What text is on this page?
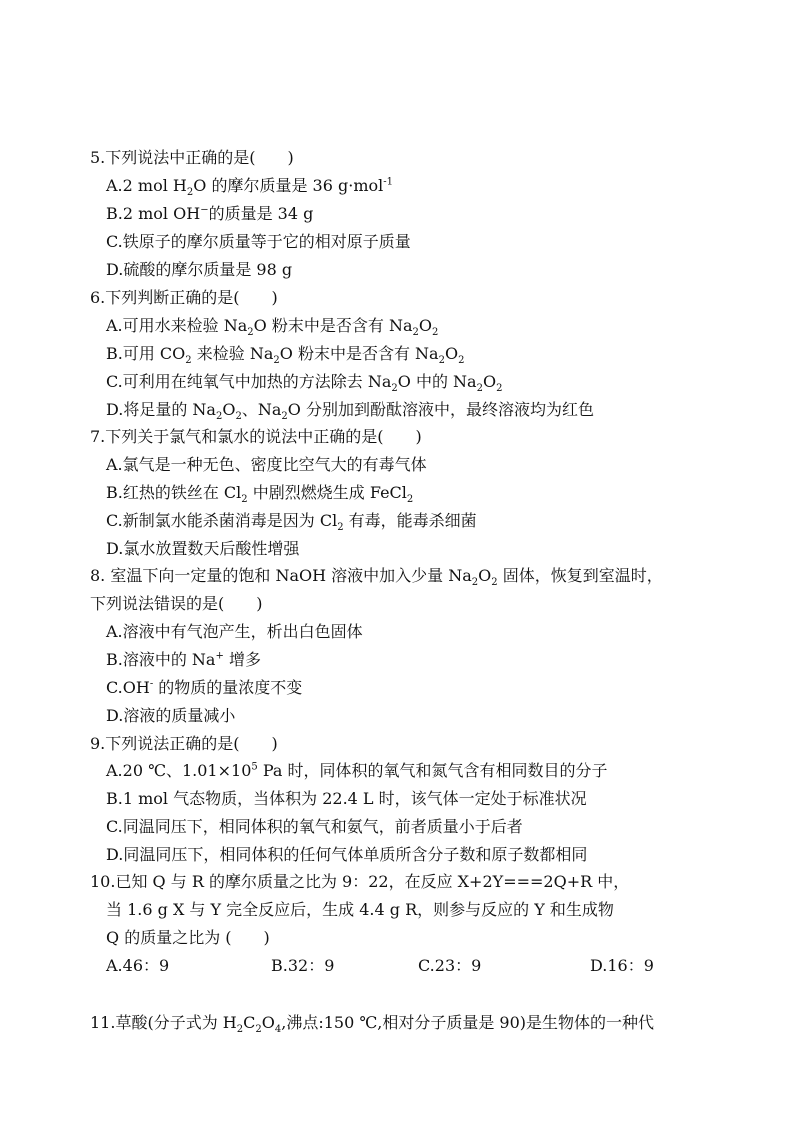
5.下列说法中正确的是(　　)
A.2 mol $H_2O$ 的摩尔质量是 36 g·mol$^{-1}$
B.2 mol OH−的质量是 34 g
C.铁原子的摩尔质量等于它的相对原子质量
D.硫酸的摩尔质量是 98 g
6.下列判断正确的是(　　)
A.可用水来检验 $Na_2O$ 粉末中是否含有 $Na_2O_2$
B.可用 $CO_2$ 来检验 $Na_2O$ 粉末中是否含有 $Na_2O_2$
C.可利用在纯氧气中加热的方法除去 $Na_2O$ 中的 $Na_2O_2$
D.将足量的 $Na_2O_2$、$Na_2O$ 分别加到酚酞溶液中，最终溶液均为红色
7.下列关于氯气和氯水的说法中正确的是(　　)
A.氯气是一种无色、密度比空气大的有毒气体
B.红热的铁丝在 $Cl_2$ 中剧烈燃烧生成 FeCl$_2$
C.新制氯水能杀菌消毒是因为 $Cl_2$ 有毒，能毒杀细菌
D.氯水放置数天后酸性增强
8. 室温下向一定量的饱和 NaOH 溶液中加入少量 $Na_2O_2$ 固体，恢复到室温时，
下列说法错误的是(　　)
A.溶液中有气泡产生，析出白色固体
B.溶液中的 Na+ 增多
C.OH- 的物质的量浓度不变
D.溶液的质量减小
9.下列说法正确的是(　　)
A.20 ℃、$1.01\times 10^5$ Pa 时，同体积的氧气和氮气含有相同数目的分子
B.1 mol 气态物质，当体积为 22.4 L 时，该气体一定处于标准状况
C.同温同压下，相同体积的氧气和氨气，前者质量小于后者
D.同温同压下，相同体积的任何气体单质所含分子数和原子数都相同
10.已知 Q 与 R 的摩尔质量之比为 9：22，在反应 X+2Y===2Q+R 中，
当 1.6 g X 与 Y 完全反应后，生成 4.4 g R，则参与反应的 Y 和生成物
Q 的质量之比为 (　　)
A.46：9	B.32：9	C.23：9	D.16：9
11.草酸(分子式为 $H_2C_2O_4$,沸点:150 ℃,相对分子质量是 90)是生物体的一种代
